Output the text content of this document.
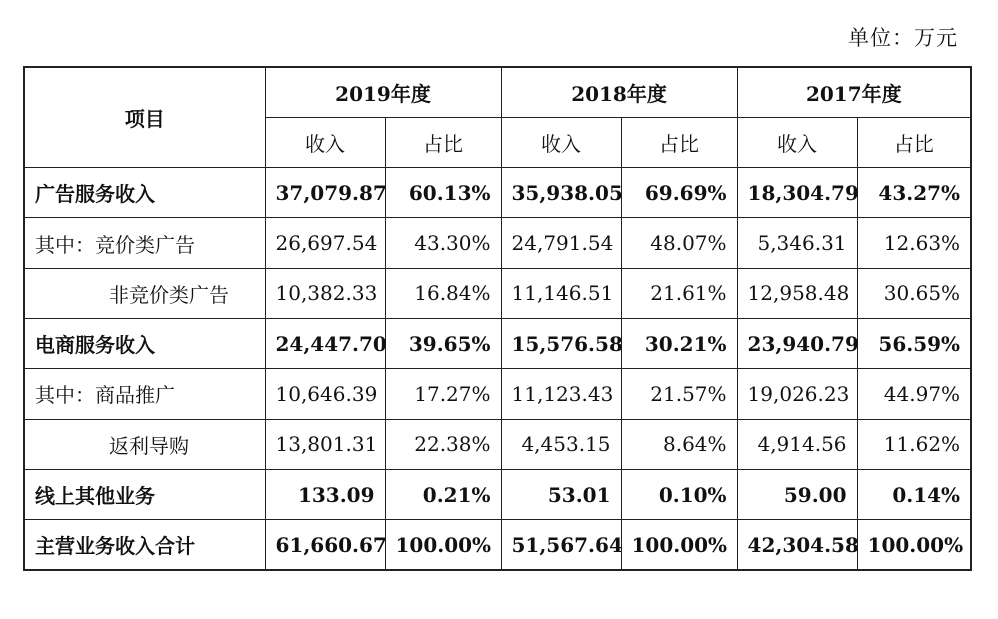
单位：万元
项目	2019年度		2018年度		2017年度	
	收入	占比	收入	占比	收入	占比
广告服务收入	37,079.87	60.13%	35,938.05	69.69%	18,304.79	43.27%
其中：竞价类广告	26,697.54	43.30%	24,791.54	48.07%	5,346.31	12.63%
非竞价类广告	10,382.33	16.84%	11,146.51	21.61%	12,958.48	30.65%
电商服务收入	24,447.70	39.65%	15,576.58	30.21%	23,940.79	56.59%
其中：商品推广	10,646.39	17.27%	11,123.43	21.57%	19,026.23	44.97%
返利导购	13,801.31	22.38%	4,453.15	8.64%	4,914.56	11.62%
线上其他业务	133.09	0.21%	53.01	0.10%	59.00	0.14%
主营业务收入合计	61,660.67	100.00%	51,567.64	100.00%	42,304.58	100.00%
